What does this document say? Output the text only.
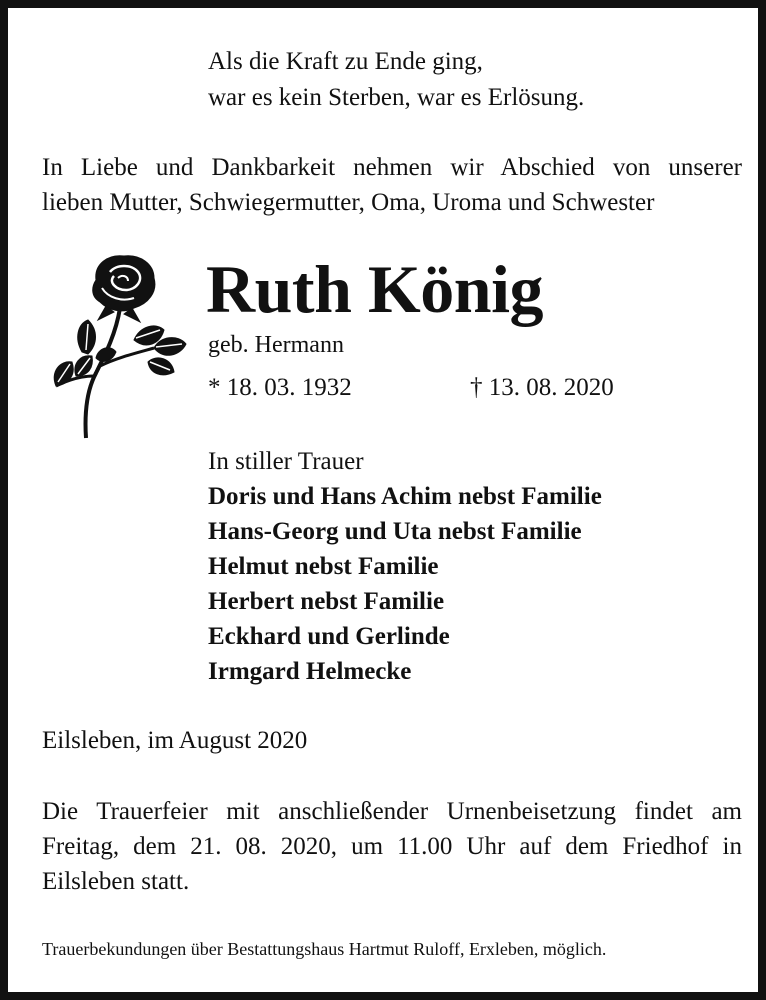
Als die Kraft zu Ende ging,
war es kein Sterben, war es Erlösung.

In Liebe und Dankbarkeit nehmen wir Abschied von unserer
lieben Mutter, Schwiegermutter, Oma, Uroma und Schwester

Ruth König

geb. Hermann

* 18. 03. 1932	† 13. 08. 2020

In stiller Trauer
Doris und Hans Achim nebst Familie
Hans-Georg und Uta nebst Familie
Helmut nebst Familie
Herbert nebst Familie
Eckhard und Gerlinde
Irmgard Helmecke

Eilsleben, im August 2020

Die Trauerfeier mit anschließender Urnenbeisetzung findet am
Freitag, dem 21. 08. 2020, um 11.00 Uhr auf dem Friedhof in
Eilsleben statt.

Trauerbekundungen über Bestattungshaus Hartmut Ruloff, Erxleben, möglich.
